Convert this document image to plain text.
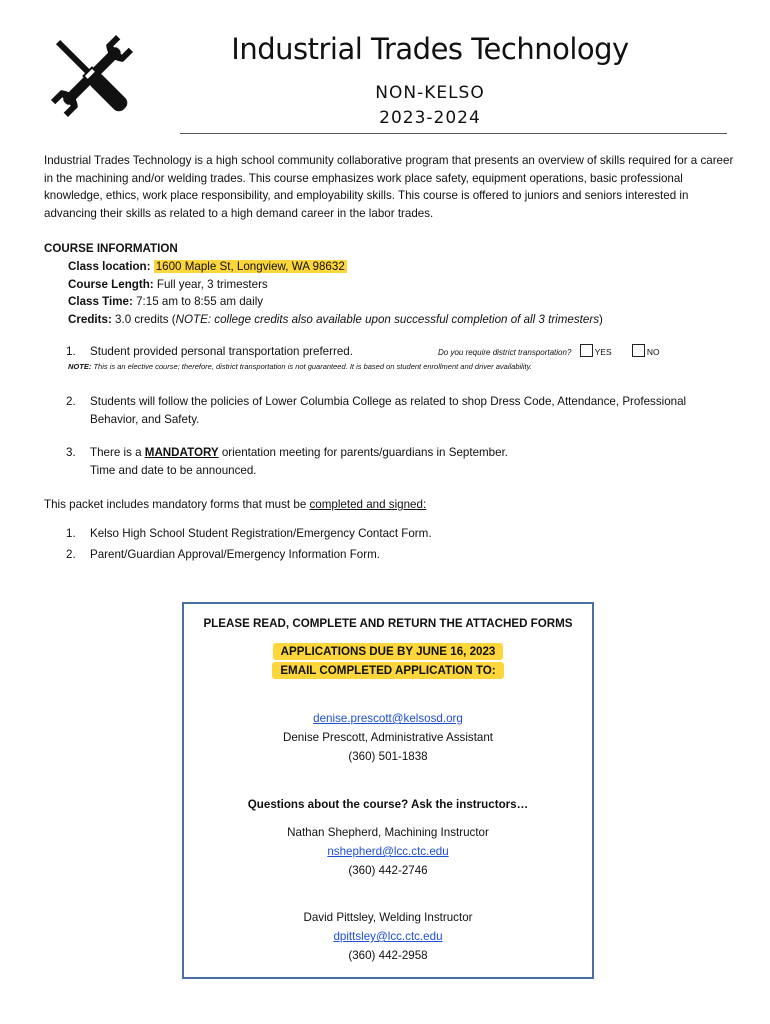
Industrial Trades Technology
NON-KELSO
2023-2024
Industrial Trades Technology is a high school community collaborative program that presents an overview of skills required for a career in the machining and/or welding trades. This course emphasizes work place safety, equipment operations, basic professional knowledge, ethics, work place responsibility, and employability skills. This course is offered to juniors and seniors interested in advancing their skills as related to a high demand career in the labor trades.
COURSE INFORMATION
Class location: 1600 Maple St, Longview, WA 98632
Course Length: Full year, 3 trimesters
Class Time: 7:15 am to 8:55 am daily
Credits: 3.0 credits (NOTE: college credits also available upon successful completion of all 3 trimesters)
1.	Student provided personal transportation preferred.	Do you require district transportation?	YES	NO
NOTE: This is an elective course; therefore, district transportation is not guaranteed. It is based on student enrollment and driver availability.
2.	Students will follow the policies of Lower Columbia College as related to shop Dress Code, Attendance, Professional Behavior, and Safety.
3.	There is a MANDATORY orientation meeting for parents/guardians in September.
Time and date to be announced.
This packet includes mandatory forms that must be completed and signed:
1.	Kelso High School Student Registration/Emergency Contact Form.
2.	Parent/Guardian Approval/Emergency Information Form.
PLEASE READ, COMPLETE AND RETURN THE ATTACHED FORMS
APPLICATIONS DUE BY JUNE 16, 2023
EMAIL COMPLETED APPLICATION TO:
denise.prescott@kelsosd.org
Denise Prescott, Administrative Assistant
(360) 501-1838
Questions about the course? Ask the instructors…
Nathan Shepherd, Machining Instructor
nshepherd@lcc.ctc.edu
(360) 442-2746
David Pittsley, Welding Instructor
dpittsley@lcc.ctc.edu
(360) 442-2958
